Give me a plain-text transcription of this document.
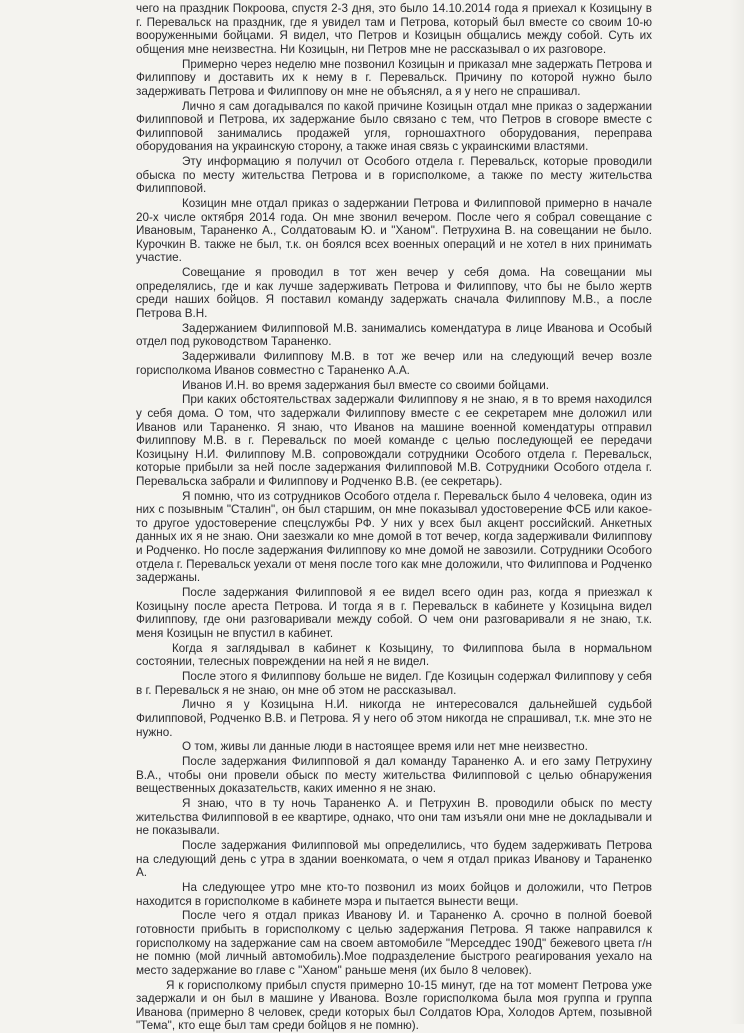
чего на праздник Покроова, спустя 2-3 дня, это было 14.10.2014 года я приехал к Козицыну в г. Перевальск на праздник, где я увидел там и Петрова, который был вместе со своим 10-ю вооруженными бойцами. Я видел, что Петров и Козицын общались между собой. Суть их общения мне неизвестна. Ни Козицын, ни Петров мне не рассказывал о их разговоре.

Примерно через неделю мне позвонил Козицын и приказал мне задержать Петрова и Филиппову и доставить их к нему в г. Перевальск. Причину по которой нужно было задерживать Петрова и Филиппову он мне не объяснял, а я у него не спрашивал.

Лично я сам догадывался по какой причине Козицын отдал мне приказ о задержании Филипповой и Петрова, их задержание было связано с тем, что Петров в сговоре вместе с Филипповой занимались продажей угля, горношахтного оборудования, переправа оборудования на украинскую сторону, а также иная связь с украинскими властями.

Эту информацию я получил от Особого отдела г. Перевальск, которые проводили обыска по месту жительства Петрова и в горисполкоме, а также по месту жительства Филипповой.

Козицин мне отдал приказ о задержании Петрова и Филипповой примерно в начале 20-х числе октября 2014 года. Он мне звонил вечером. После чего я собрал совещание с Ивановым, Тараненко А., Солдатоваым Ю. и "Ханом". Петрухина В. на совещании не было. Курочкин В. также не был, т.к. он боялся всех военных операций и не хотел в них принимать участие.

Совещание я проводил в тот жен вечер у себя дома. На совещании мы определялись, где и как лучше задерживать Петрова и Филиппову, что бы не было жертв среди наших бойцов. Я поставил команду задержать сначала Филиппову М.В., а после Петрова В.Н.

Задержанием Филипповой М.В. занимались комендатура в лице Иванова и Особый отдел под руководством Тараненко.

Задерживали Филиппову М.В. в тот же вечер или на следующий вечер возле горисполкома Иванов совместно с Тараненко А.А.

Иванов И.Н. во время задержания был вместе со своими бойцами.

При каких обстоятельствах задержали Филиппову я не знаю, я в то время находился у себя дома. О том, что задержали Филиппову вместе с ее секретарем мне доложил или Иванов или Тараненко. Я знаю, что Иванов на машине военной комендатуры отправил Филиппову М.В. в г. Перевальск по моей команде с целью последующей ее передачи Козицыну Н.И. Филиппову М.В. сопровождали сотрудники Особого отдела г. Перевальск, которые прибыли за ней после задержания Филипповой М.В. Сотрудники Особого отдела г. Перевальска забрали и Филиппову и Родченко В.В. (ее секретарь).

Я помню, что из сотрудников Особого отдела г. Перевальск было 4 человека, один из них с позывным "Сталин", он был старшим, он мне показывал удостоверение ФСБ или какое-то другое удостоверение спецслужбы РФ. У них у всех был акцент российский. Анкетных данных их я не знаю. Они заезжали ко мне домой в тот вечер, когда задерживали Филиппову и Родченко. Но после задержания Филиппову ко мне домой не завозили. Сотрудники Особого отдела г. Перевальск уехали от меня после того как мне доложили, что Филиппова и Родченко задержаны.

После задержания Филипповой я ее видел всего один раз, когда я приезжал к Козицыну после ареста Петрова. И тогда я в г. Перевальск в кабинете у Козицына видел Филиппову, где они разговаривали между собой. О чем они разговаривали я не знаю, т.к. меня Козицын не впустил в кабинет.

Когда я заглядывал в кабинет к Козыцину, то Филиппова была в нормальном состоянии, телесных повреждении на ней я не видел.

После этого я Филиппову больше не видел. Где Козицын содержал Филиппову у себя в г. Перевальск я не знаю, он мне об этом не рассказывал.

Лично я у Козицына Н.И. никогда не интересовался дальнейшей судьбой Филипповой, Родченко В.В. и Петрова. Я у него об этом никогда не спрашивал, т.к. мне это не нужно.

О том, живы ли данные люди в настоящее время или нет мне неизвестно.

После задержания Филипповой я дал команду Тараненко А. и его заму Петрухину В.А., чтобы они провели обыск по месту жительства Филипповой с целью обнаружения вещественных доказательств, каких именно я не знаю.

Я знаю, что в ту ночь Тараненко А. и Петрухин В. проводили обыск по месту жительства Филипповой в ее квартире, однако, что они там изъяли они мне не докладывали и не показывали.

После задержания Филипповой мы определились, что будем задерживать Петрова на следующий день с утра в здании военкомата, о чем я отдал приказ Иванову и Тараненко А.

На следующее утро мне кто-то позвонил из моих бойцов и доложили, что Петров находится в горисполкоме в кабинете мэра и пытается вынести вещи.

После чего я отдал приказ Иванову И. и Тараненко А. срочно в полной боевой готовности прибыть в горисполкому с целью задержания Петрова. Я также направился к горисполкому на задержание сам на своем автомобиле "Мерседдес 190Д" бежевого цвета г/н не помню (мой личный автомобиль).Мое подразделение быстрого реагирования уехало на место задержание во главе с "Ханом" раньше меня (их было 8 человек).

Я к горисполкому прибыл спустя примерно 10-15 минут, где на тот момент Петрова уже задержали и он был в машине у Иванова. Возле горисполкома была моя группа и группа Иванова (примерно 8 человек, среди которых был Солдатов Юра, Холодов Артем, позывной "Тема", кто еще был там среди бойцов я не помню).
